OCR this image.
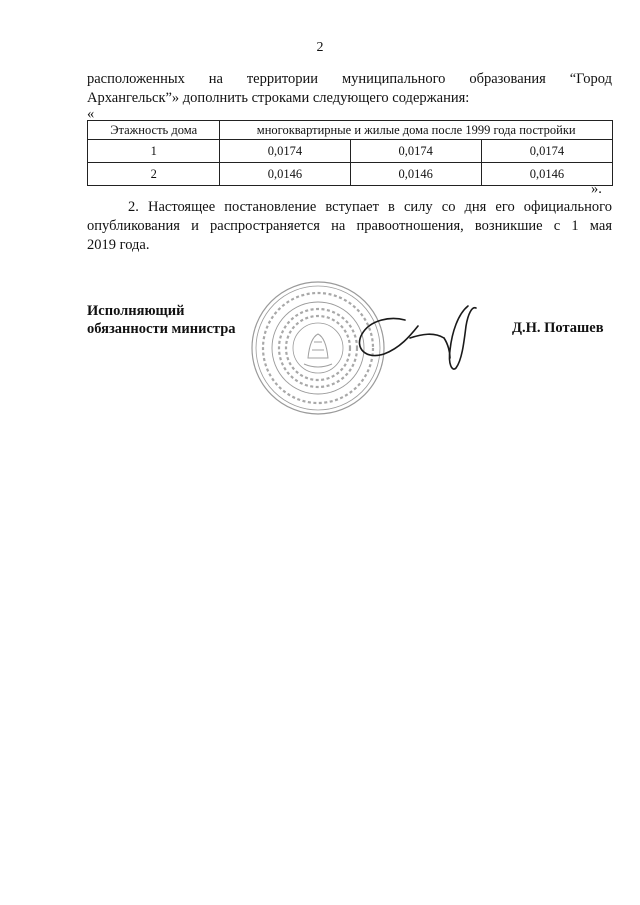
2
расположенных на территории муниципального образования “Город
Архангельск”» дополнить строками следующего содержания:
«
Этажность дома	многоквартирные и жилые дома после 1999 года постройки		
1	0,0174	0,0174	0,0174
2	0,0146	0,0146	0,0146
».
2. Настоящее постановление вступает в силу со дня его официального
опубликования и распространяется на правоотношения, возникшие с 1 мая
2019 года.
Исполняющий
обязанности министра	Д.Н. Поташев
